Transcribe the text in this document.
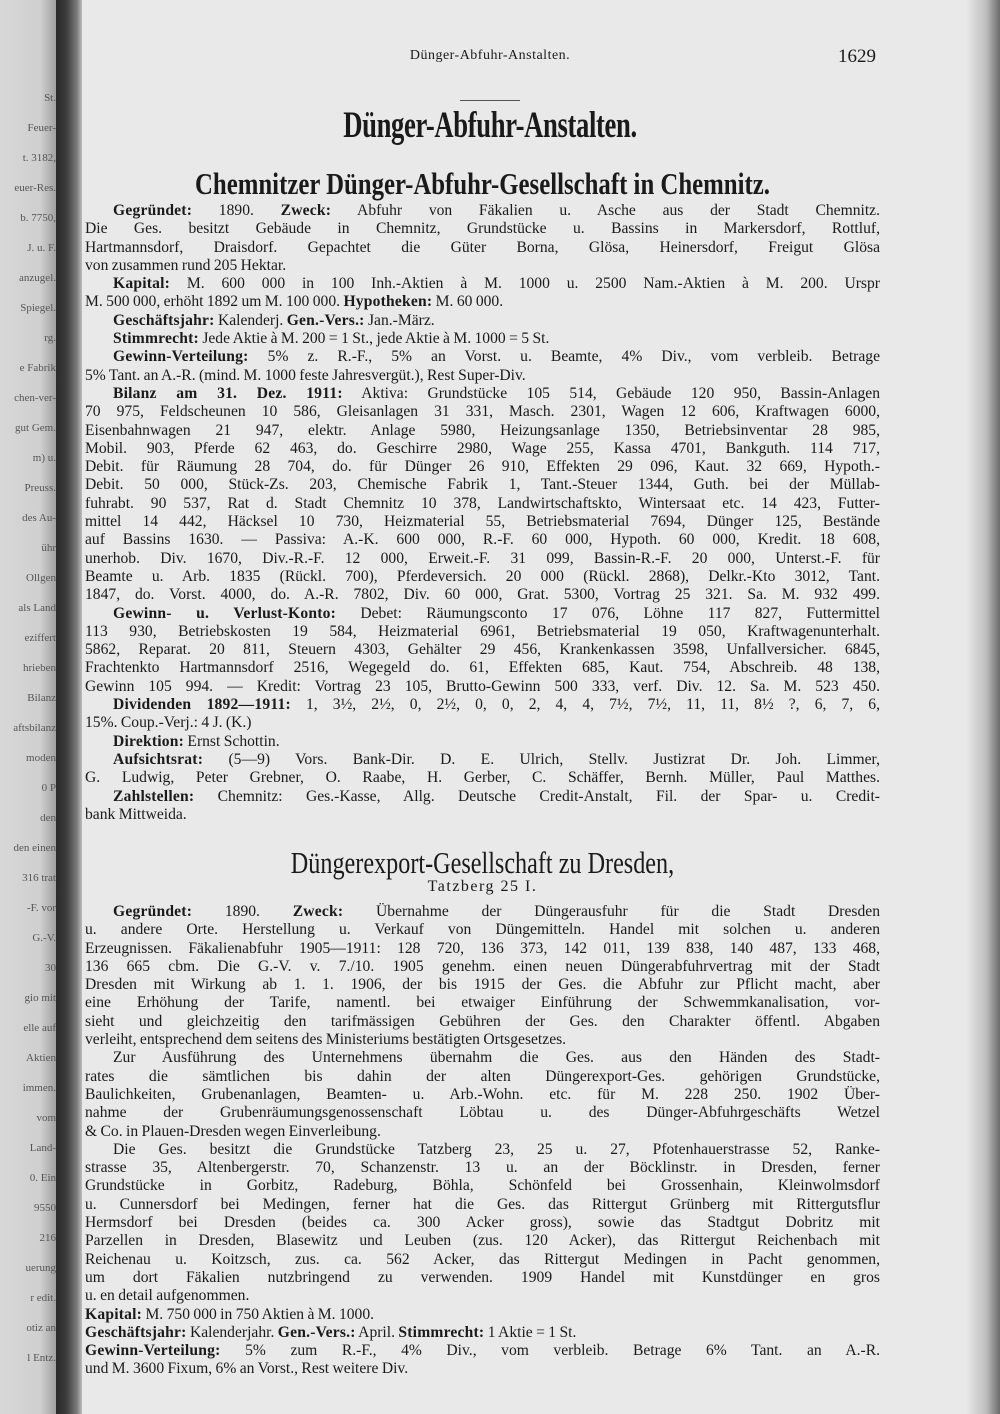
St.
Feuer-
t. 3182,
euer-Res.
b. 7750,
J. u. F.
anzugel.
Spiegel.
rg.
e Fabrik
chen-ver-
gut Gem.
m) u.
Preuss.
des Au-
ühr
Ollgen
als Land
eziffert
hrieben
Bilanz
aftsbilanz
moden
0 P
den
den einen
316 trat
-F. vor
G.-V.
30
gio mit
elle auf
Aktien
immen.
vom
Land-
0. Ein
9550
216
uerung
r edit.
otiz an
l Entz.
Dünger-Abfuhr-Anstalten.	1629
Dünger-Abfuhr-Anstalten.
Chemnitzer Dünger-Abfuhr-Gesellschaft in Chemnitz.
Gegründet: 1890. Zweck: Abfuhr von Fäkalien u. Asche aus der Stadt Chemnitz.
Die Ges. besitzt Gebäude in Chemnitz, Grundstücke u. Bassins in Markersdorf, Rottluf,
Hartmannsdorf, Draisdorf. Gepachtet die Güter Borna, Glösa, Heinersdorf, Freigut Glösa
von zusammen rund 205 Hektar.
Kapital: M. 600 000 in 100 Inh.-Aktien à M. 1000 u. 2500 Nam.-Aktien à M. 200. Urspr
M. 500 000, erhöht 1892 um M. 100 000. Hypotheken: M. 60 000.
Geschäftsjahr: Kalenderj. Gen.-Vers.: Jan.-März.
Stimmrecht: Jede Aktie à M. 200 = 1 St., jede Aktie à M. 1000 = 5 St.
Gewinn-Verteilung: 5% z. R.-F., 5% an Vorst. u. Beamte, 4% Div., vom verbleib. Betrage
5% Tant. an A.-R. (mind. M. 1000 feste Jahresvergüt.), Rest Super-Div.
Bilanz am 31. Dez. 1911: Aktiva: Grundstücke 105 514, Gebäude 120 950, Bassin-Anlagen
70 975, Feldscheunen 10 586, Gleisanlagen 31 331, Masch. 2301, Wagen 12 606, Kraftwagen 6000,
Eisenbahnwagen 21 947, elektr. Anlage 5980, Heizungsanlage 1350, Betriebsinventar 28 985,
Mobil. 903, Pferde 62 463, do. Geschirre 2980, Wage 255, Kassa 4701, Bankguth. 114 717,
Debit. für Räumung 28 704, do. für Dünger 26 910, Effekten 29 096, Kaut. 32 669, Hypoth.-
Debit. 50 000, Stück-Zs. 203, Chemische Fabrik 1, Tant.-Steuer 1344, Guth. bei der Müllab-
fuhrabt. 90 537, Rat d. Stadt Chemnitz 10 378, Landwirtschaftskto, Wintersaat etc. 14 423, Futter-
mittel 14 442, Häcksel 10 730, Heizmaterial 55, Betriebsmaterial 7694, Dünger 125, Bestände
auf Bassins 1630. — Passiva: A.-K. 600 000, R.-F. 60 000, Hypoth. 60 000, Kredit. 18 608,
unerhob. Div. 1670, Div.-R.-F. 12 000, Erweit.-F. 31 099, Bassin-R.-F. 20 000, Unterst.-F. für
Beamte u. Arb. 1835 (Rückl. 700), Pferdeversich. 20 000 (Rückl. 2868), Delkr.-Kto 3012, Tant.
1847, do. Vorst. 4000, do. A.-R. 7802, Div. 60 000, Grat. 5300, Vortrag 25 321. Sa. M. 932 499.
Gewinn- u. Verlust-Konto: Debet: Räumungsconto 17 076, Löhne 117 827, Futtermittel
113 930, Betriebskosten 19 584, Heizmaterial 6961, Betriebsmaterial 19 050, Kraftwagenunterhalt.
5862, Reparat. 20 811, Steuern 4303, Gehälter 29 456, Krankenkassen 3598, Unfallversicher. 6845,
Frachtenkto Hartmannsdorf 2516, Wegegeld do. 61, Effekten 685, Kaut. 754, Abschreib. 48 138,
Gewinn 105 994. — Kredit: Vortrag 23 105, Brutto-Gewinn 500 333, verf. Div. 12. Sa. M. 523 450.
Dividenden 1892—1911: 1, 3½, 2½, 0, 2½, 0, 0, 2, 4, 4, 7½, 7½, 11, 11, 8½ ?, 6, 7, 6,
15%. Coup.-Verj.: 4 J. (K.)
Direktion: Ernst Schottin.
Aufsichtsrat: (5—9) Vors. Bank-Dir. D. E. Ulrich, Stellv. Justizrat Dr. Joh. Limmer,
G. Ludwig, Peter Grebner, O. Raabe, H. Gerber, C. Schäffer, Bernh. Müller, Paul Matthes.
Zahlstellen: Chemnitz: Ges.-Kasse, Allg. Deutsche Credit-Anstalt, Fil. der Spar- u. Credit-
bank Mittweida.
Düngerexport-Gesellschaft zu Dresden,
Tatzberg 25 I.
Gegründet: 1890. Zweck: Übernahme der Düngerausfuhr für die Stadt Dresden
u. andere Orte. Herstellung u. Verkauf von Düngemitteln. Handel mit solchen u. anderen
Erzeugnissen. Fäkalienabfuhr 1905—1911: 128 720, 136 373, 142 011, 139 838, 140 487, 133 468,
136 665 cbm. Die G.-V. v. 7./10. 1905 genehm. einen neuen Düngerabfuhrvertrag mit der Stadt
Dresden mit Wirkung ab 1. 1. 1906, der bis 1915 der Ges. die Abfuhr zur Pflicht macht, aber
eine Erhöhung der Tarife, namentl. bei etwaiger Einführung der Schwemmkanalisation, vor-
sieht und gleichzeitig den tarifmässigen Gebühren der Ges. den Charakter öffentl. Abgaben
verleiht, entsprechend dem seitens des Ministeriums bestätigten Ortsgesetzes.
Zur Ausführung des Unternehmens übernahm die Ges. aus den Händen des Stadt-
rates die sämtlichen bis dahin der alten Düngerexport-Ges. gehörigen Grundstücke,
Baulichkeiten, Grubenanlagen, Beamten- u. Arb.-Wohn. etc. für M. 228 250. 1902 Über-
nahme der Grubenräumungsgenossenschaft Löbtau u. des Dünger-Abfuhrgeschäfts Wetzel
& Co. in Plauen-Dresden wegen Einverleibung.
Die Ges. besitzt die Grundstücke Tatzberg 23, 25 u. 27, Pfotenhauerstrasse 52, Ranke-
strasse 35, Altenbergerstr. 70, Schanzenstr. 13 u. an der Böcklinstr. in Dresden, ferner
Grundstücke in Gorbitz, Radeburg, Böhla, Schönfeld bei Grossenhain, Kleinwolmsdorf
u. Cunnersdorf bei Medingen, ferner hat die Ges. das Rittergut Grünberg mit Rittergutsflur
Hermsdorf bei Dresden (beides ca. 300 Acker gross), sowie das Stadtgut Dobritz mit
Parzellen in Dresden, Blasewitz und Leuben (zus. 120 Acker), das Rittergut Reichenbach mit
Reichenau u. Koitzsch, zus. ca. 562 Acker, das Rittergut Medingen in Pacht genommen,
um dort Fäkalien nutzbringend zu verwenden. 1909 Handel mit Kunstdünger en gros
u. en detail aufgenommen.
Kapital: M. 750 000 in 750 Aktien à M. 1000.
Geschäftsjahr: Kalenderjahr. Gen.-Vers.: April. Stimmrecht: 1 Aktie = 1 St.
Gewinn-Verteilung: 5% zum R.-F., 4% Div., vom verbleib. Betrage 6% Tant. an A.-R.
und M. 3600 Fixum, 6% an Vorst., Rest weitere Div.
